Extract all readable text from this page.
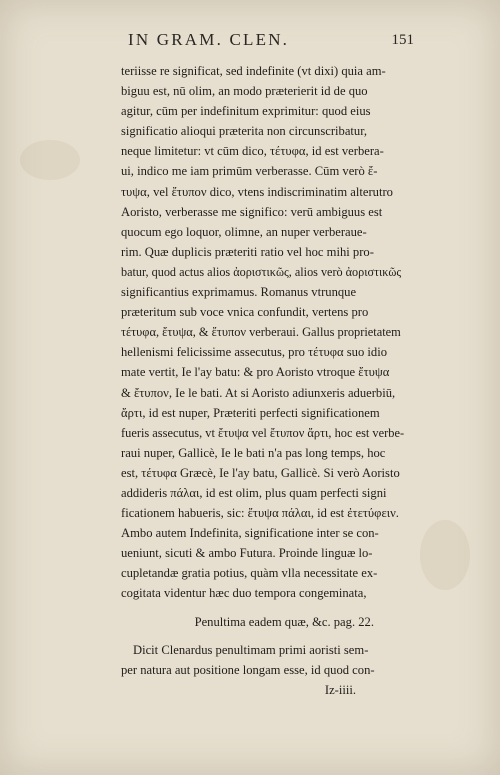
IN GRAM. CLEN.	151
teriisse re significat, sed indefinite (vt dixi) quia am-
biguu est, nū olim, an modo præterierit id de quo
agitur, cūm per indefinitum exprimitur: quod eius
significatio alioqui præterita non circunscribatur,
neque limitetur: vt cūm dico, τέτυφα, id est verbera-
ui, indico me iam primūm verberasse. Cūm verò ἔ-
τυψα, vel ἔτυπον dico, vtens indiscriminatim alterutro
Aoristo, verberasse me significo: verū ambiguus est
quocum ego loquor, olimne, an nuper verberaue-
rim. Quæ duplicis præteriti ratio vel hoc mihi pro-
batur, quod actus alios ἀοριστικῶς, alios verò ἀοριστικῶς
significantius exprimamus. Romanus vtrunque
præteritum sub voce vnica confundit, vertens pro
τέτυφα, ἔτυψα, & ἔτυπον verberaui. Gallus proprietatem
hellenismi felicissime assecutus, pro τέτυφα suo idio
mate vertit, Ie l'ay batu: & pro Aoristo vtroque ἔτυψα
& ἔτυπον, Ie le bati. At si Aoristo adiunxeris aduerbiū,
ἄρτι, id est nuper, Præteriti perfecti significationem
fueris assecutus, vt ἔτυψα vel ἔτυπον ἄρτι, hoc est verbe-
raui nuper, Gallicè, Ie le bati n'a pas long temps, hoc
est, τέτυφα Græcè, Ie l'ay batu, Gallicè. Si verò Aoristo
addideris πάλαι, id est olim, plus quam perfecti signi
ficationem habueris, sic: ἔτυψα πάλαι, id est ἐτετύφειν.
Ambo autem Indefinita, significatione inter se con-
ueniunt, sicuti & ambo Futura. Proinde linguæ lo-
cupletandæ gratia potius, quàm vlla necessitate ex-
cogitata videntur hæc duo tempora congeminata,
Penultima eadem quæ, &c. pag. 22.
Dicit Clenardus penultimam primi aoristi sem-
per natura aut positione longam esse, id quod con-
Iz-iiii.
